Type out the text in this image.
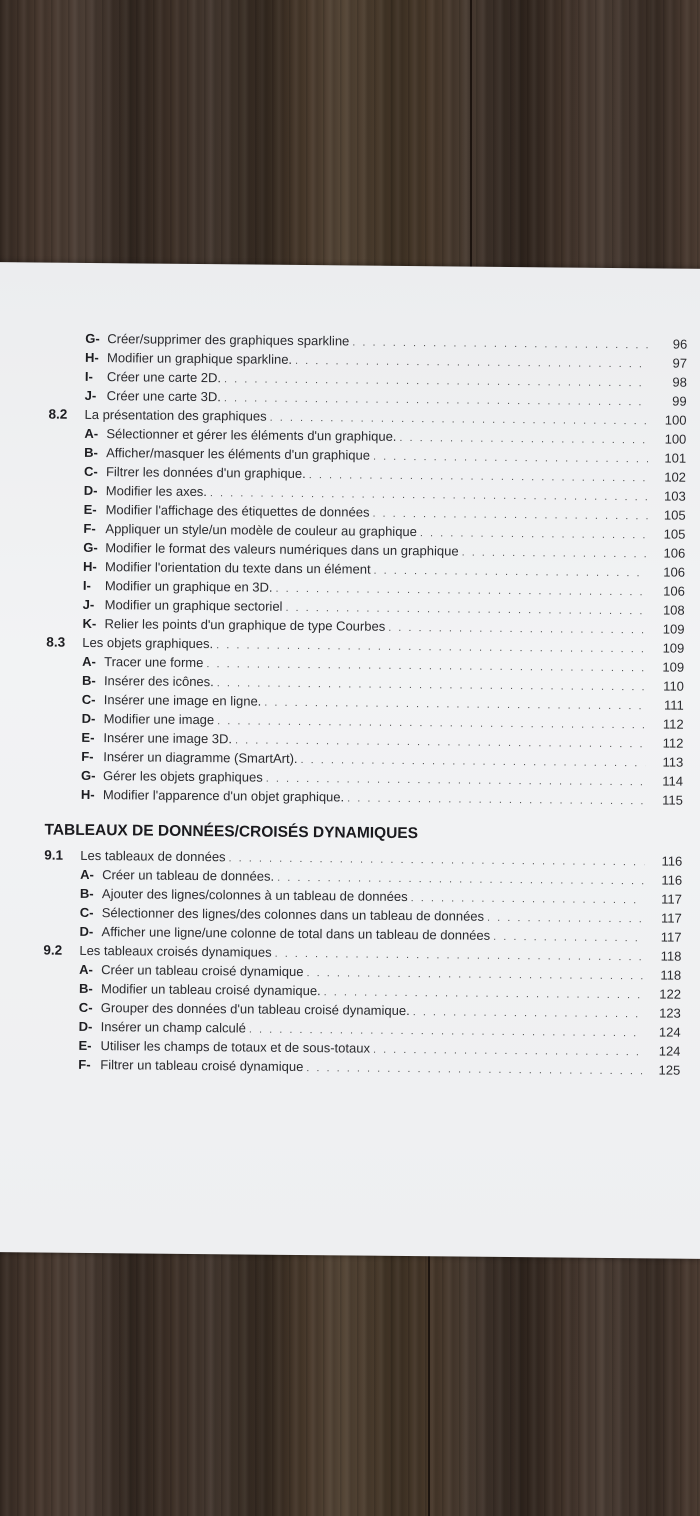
G- Créer/supprimer des graphiques sparkline . . .	96
H- Modifier un graphique sparkline. . . .	97
I-	Créer une carte 2D. . . .	98
J- Créer une carte 3D. . . .	99
8.2	La présentation des graphiques . . .	100
A- Sélectionner et gérer les éléments d'un graphique. . . .	100
B- Afficher/masquer les éléments d'un graphique . . .	101
C- Filtrer les données d'un graphique. . . .	102
D- Modifier les axes. . . .	103
E- Modifier l'affichage des étiquettes de données . . .	105
F- Appliquer un style/un modèle de couleur au graphique . . .	105
G- Modifier le format des valeurs numériques dans un graphique . . .	106
H- Modifier l'orientation du texte dans un élément . . .	106
I-	Modifier un graphique en 3D. . . .	106
J- Modifier un graphique sectoriel . . .	108
K- Relier les points d'un graphique de type Courbes . . .	109
8.3	Les objets graphiques. . . .	109
A- Tracer une forme . . .	109
B- Insérer des icônes. . . .	110
C- Insérer une image en ligne. . . .	111
D- Modifier une image . . .	112
E- Insérer une image 3D. . . .	112
F- Insérer un diagramme (SmartArt). . . .	113
G- Gérer les objets graphiques . . .	114
H- Modifier l'apparence d'un objet graphique. . . .	115
TABLEAUX DE DONNÉES/CROISÉS DYNAMIQUES
9.1	Les tableaux de données . . .	116
A- Créer un tableau de données. . . .	116
B- Ajouter des lignes/colonnes à un tableau de données . . .	117
C- Sélectionner des lignes/des colonnes dans un tableau de données . . .	117
D- Afficher une ligne/une colonne de total dans un tableau de données . . .	117
9.2	Les tableaux croisés dynamiques . . .	118
A- Créer un tableau croisé dynamique . . .	118
B- Modifier un tableau croisé dynamique. . . .	122
C- Grouper des données d'un tableau croisé dynamique. . . .	123
D- Insérer un champ calculé . . .	124
E- Utiliser les champs de totaux et de sous-totaux . . .	124
F- Filtrer un tableau croisé dynamique . . .	125
